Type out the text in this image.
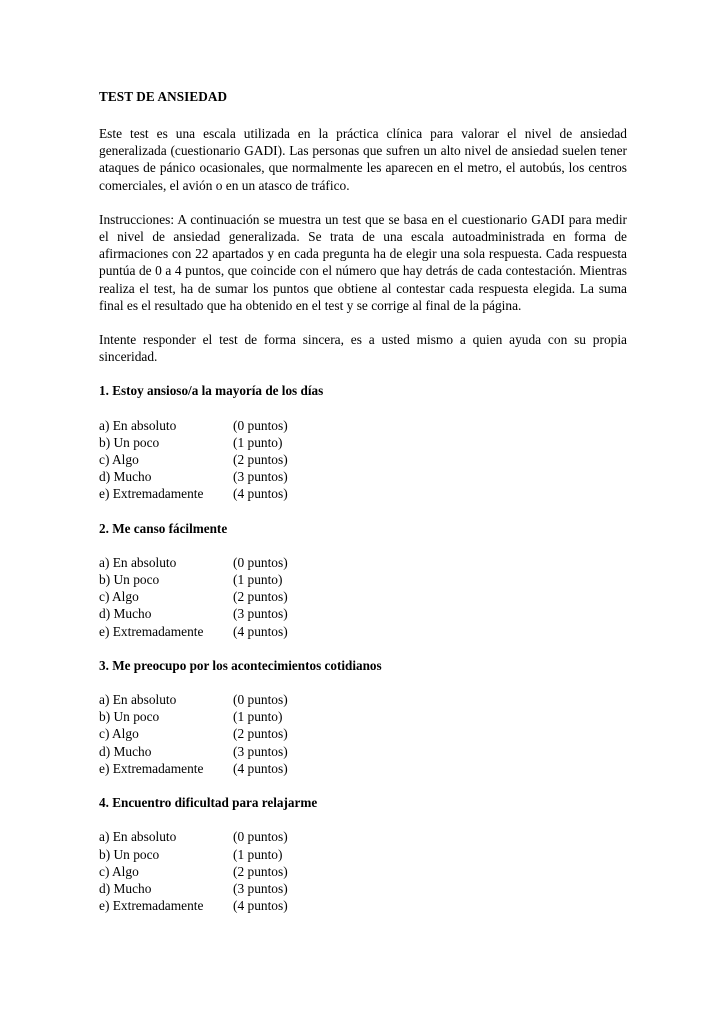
TEST DE ANSIEDAD

Este test es una escala utilizada en la práctica clínica para valorar el nivel de ansiedad generalizada (cuestionario GADI). Las personas que sufren un alto nivel de ansiedad suelen tener ataques de pánico ocasionales, que normalmente les aparecen en el metro, el autobús, los centros comerciales, el avión o en un atasco de tráfico.

Instrucciones: A continuación se muestra un test que se basa en el cuestionario GADI para medir el nivel de ansiedad generalizada. Se trata de una escala autoadministrada en forma de afirmaciones con 22 apartados y en cada pregunta ha de elegir una sola respuesta. Cada respuesta puntúa de 0 a 4 puntos, que coincide con el número que hay detrás de cada contestación. Mientras realiza el test, ha de sumar los puntos que obtiene al contestar cada respuesta elegida. La suma final es el resultado que ha obtenido en el test y se corrige al final de la página.

Intente responder el test de forma sincera, es a usted mismo a quien ayuda con su propia sinceridad.

1. Estoy ansioso/a la mayoría de los días

a) En absoluto	(0 puntos)
b) Un poco	(1 punto)
c) Algo	(2 puntos)
d) Mucho	(3 puntos)
e) Extremadamente (4 puntos)

2. Me canso fácilmente

a) En absoluto	(0 puntos)
b) Un poco	(1 punto)
c) Algo	(2 puntos)
d) Mucho	(3 puntos)
e) Extremadamente (4 puntos)

3. Me preocupo por los acontecimientos cotidianos

a) En absoluto	(0 puntos)
b) Un poco	(1 punto)
c) Algo	(2 puntos)
d) Mucho	(3 puntos)
e) Extremadamente (4 puntos)

4. Encuentro dificultad para relajarme

a) En absoluto	(0 puntos)
b) Un poco	(1 punto)
c) Algo	(2 puntos)
d) Mucho	(3 puntos)
e) Extremadamente (4 puntos)
